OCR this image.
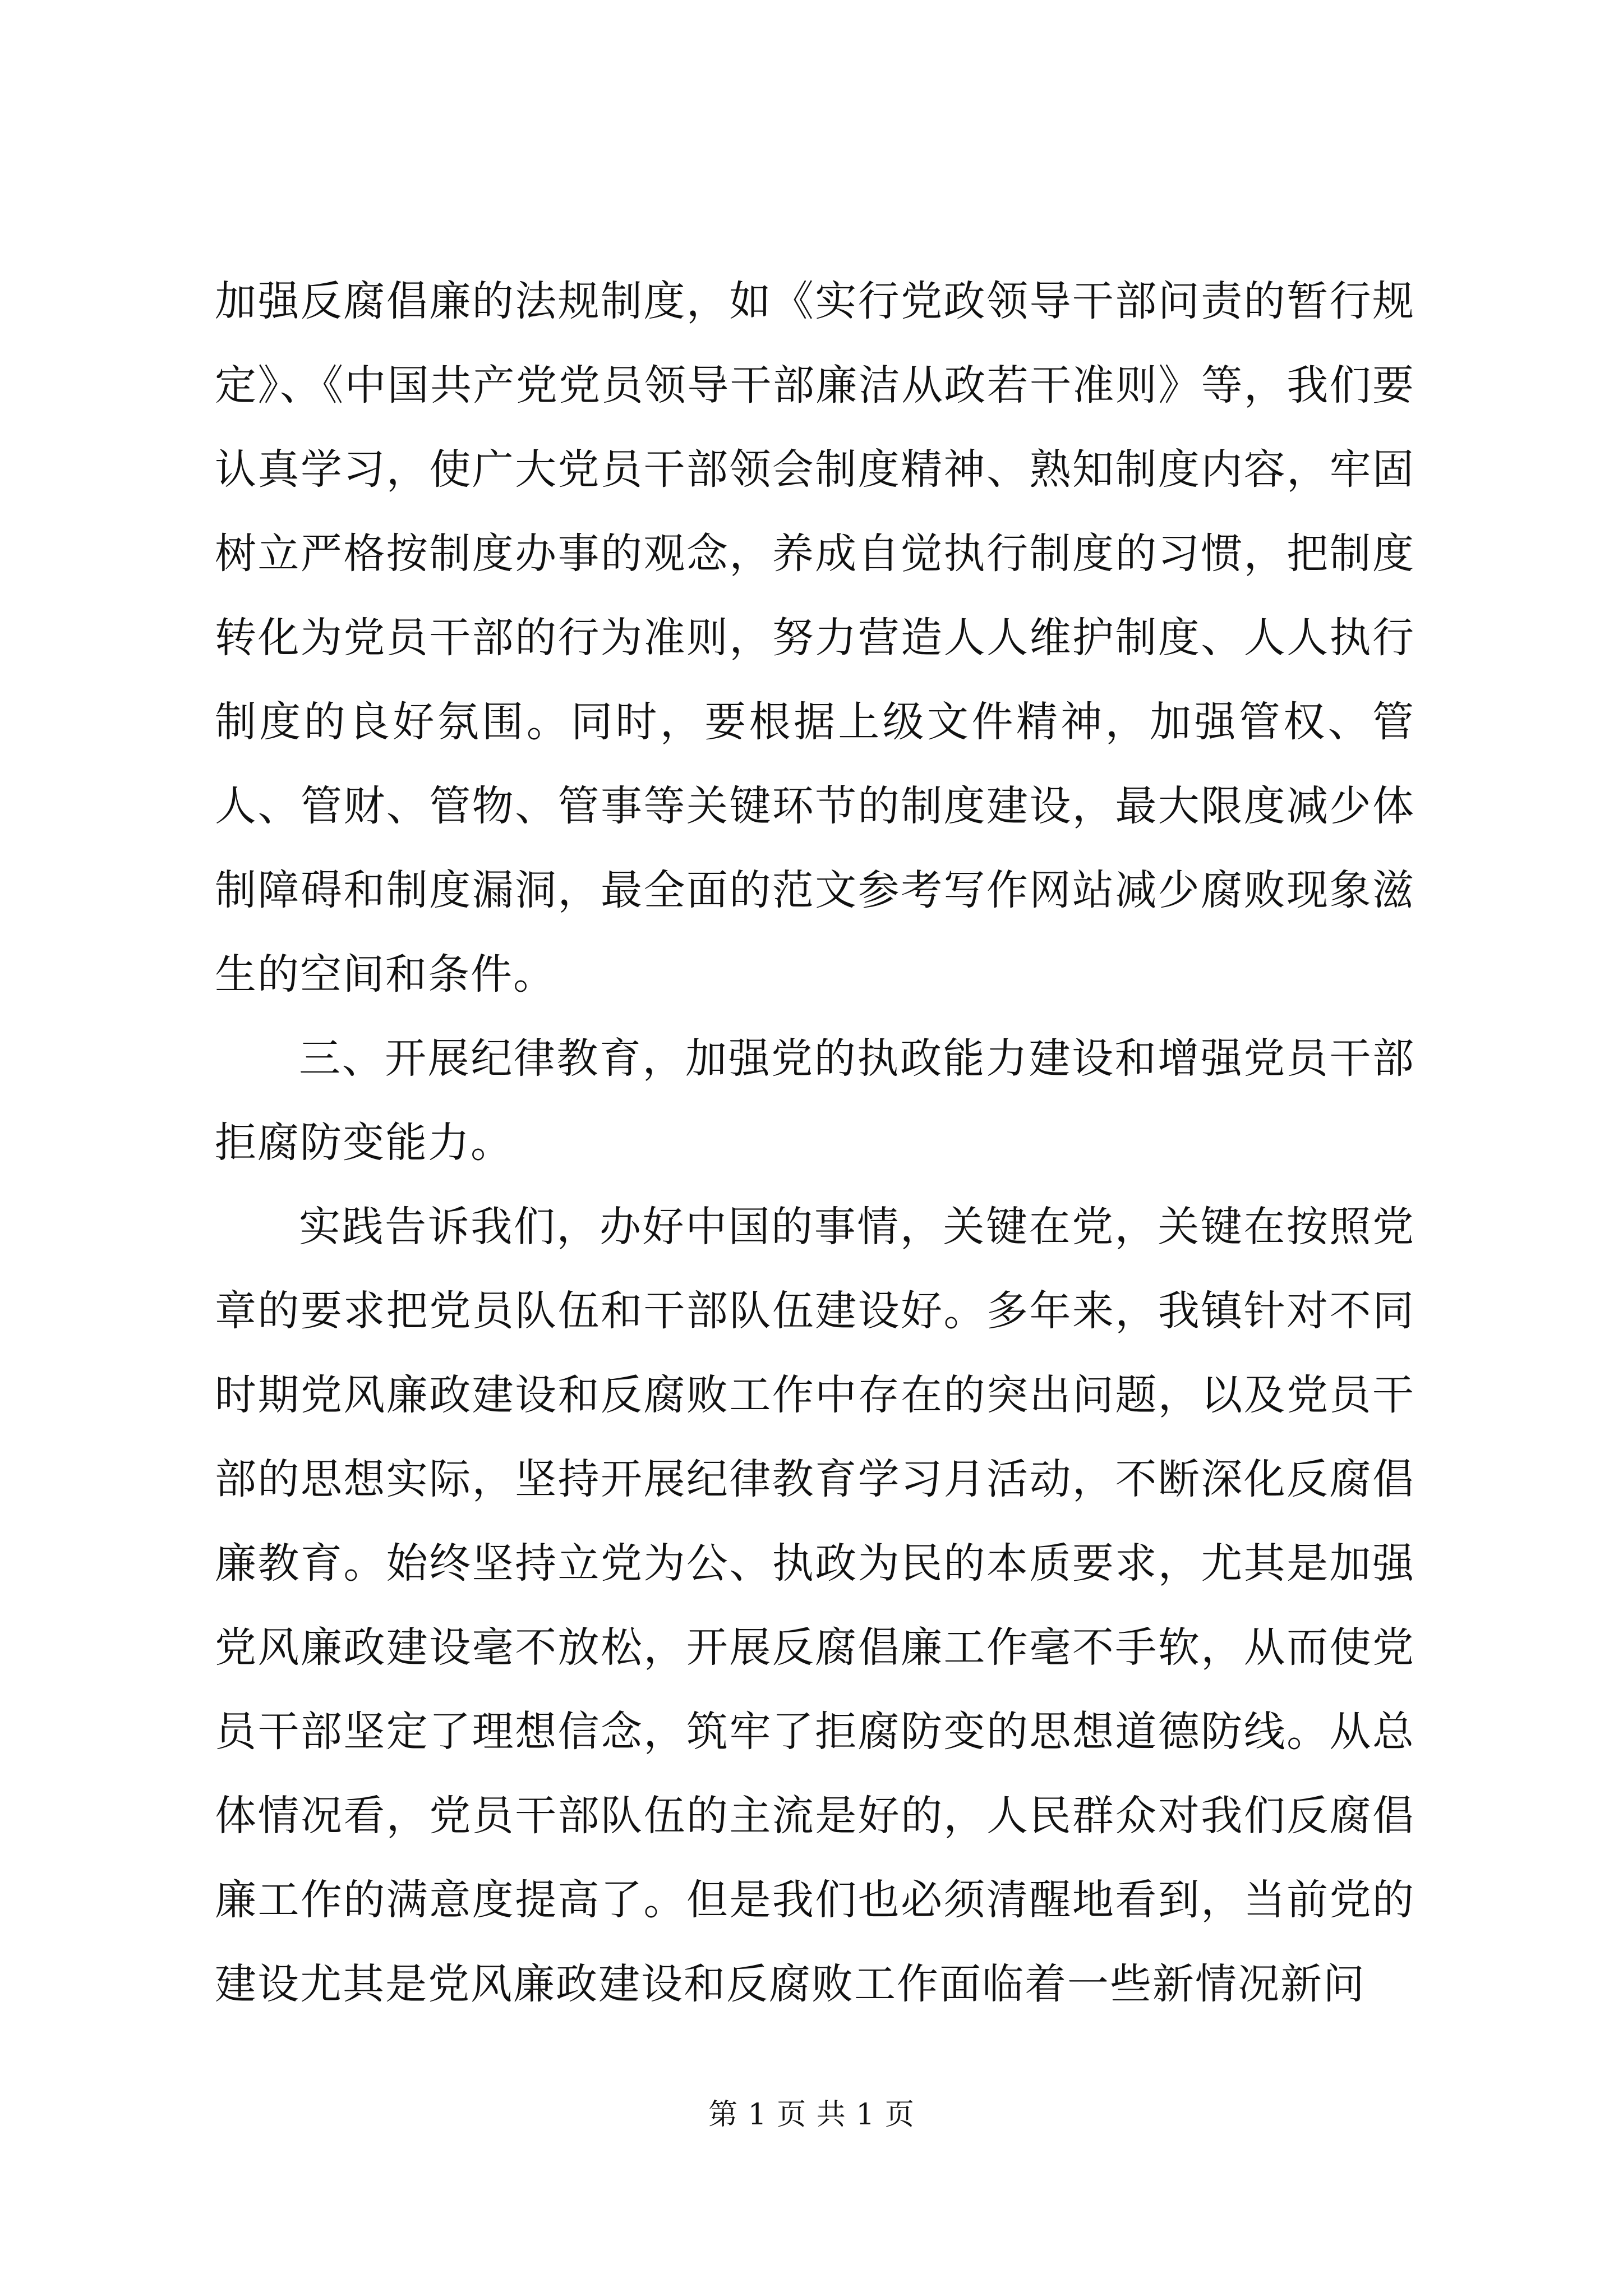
加强反腐倡廉的法规制度，如《实行党政领导干部问责的暂行规定》、《中国共产党党员领导干部廉洁从政若干准则》等，我们要认真学习，使广大党员干部领会制度精神、熟知制度内容，牢固树立严格按制度办事的观念，养成自觉执行制度的习惯，把制度转化为党员干部的行为准则，努力营造人人维护制度、人人执行制度的良好氛围。同时，要根据上级文件精神，加强管权、管人、管财、管物、管事等关键环节的制度建设，最大限度减少体制障碍和制度漏洞，最全面的范文参考写作网站减少腐败现象滋生的空间和条件。

三、开展纪律教育，加强党的执政能力建设和增强党员干部拒腐防变能力。

实践告诉我们，办好中国的事情，关键在党，关键在按照党章的要求把党员队伍和干部队伍建设好。多年来，我镇针对不同时期党风廉政建设和反腐败工作中存在的突出问题，以及党员干部的思想实际，坚持开展纪律教育学习月活动，不断深化反腐倡廉教育。始终坚持立党为公、执政为民的本质要求，尤其是加强党风廉政建设毫不放松，开展反腐倡廉工作毫不手软，从而使党员干部坚定了理想信念，筑牢了拒腐防变的思想道德防线。从总体情况看，党员干部队伍的主流是好的，人民群众对我们反腐倡廉工作的满意度提高了。但是我们也必须清醒地看到，当前党的建设尤其是党风廉政建设和反腐败工作面临着一些新情况新问

第 1 页 共 1 页
